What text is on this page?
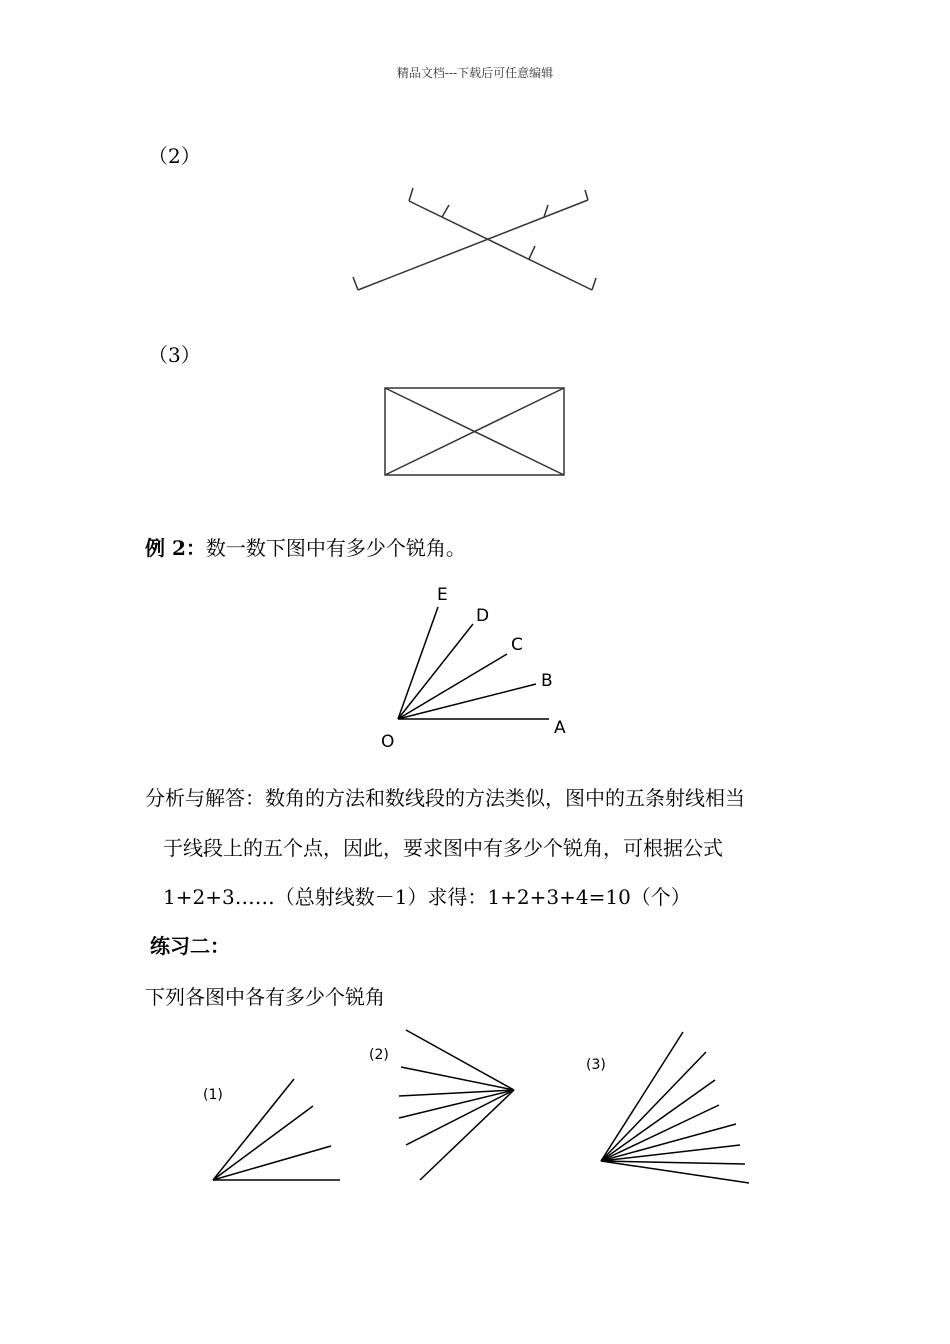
精品文档---下载后可任意编辑
（2）
（3）
例 2：数一数下图中有多少个锐角。
O
A
B
C
D
E
分析与解答：数角的方法和数线段的方法类似，图中的五条射线相当
于线段上的五个点，因此，要求图中有多少个锐角，可根据公式
1+2+3……（总射线数－1）求得：1+2+3+4=10（个）
练习二：
下列各图中各有多少个锐角
(1)
(2)
(3)
